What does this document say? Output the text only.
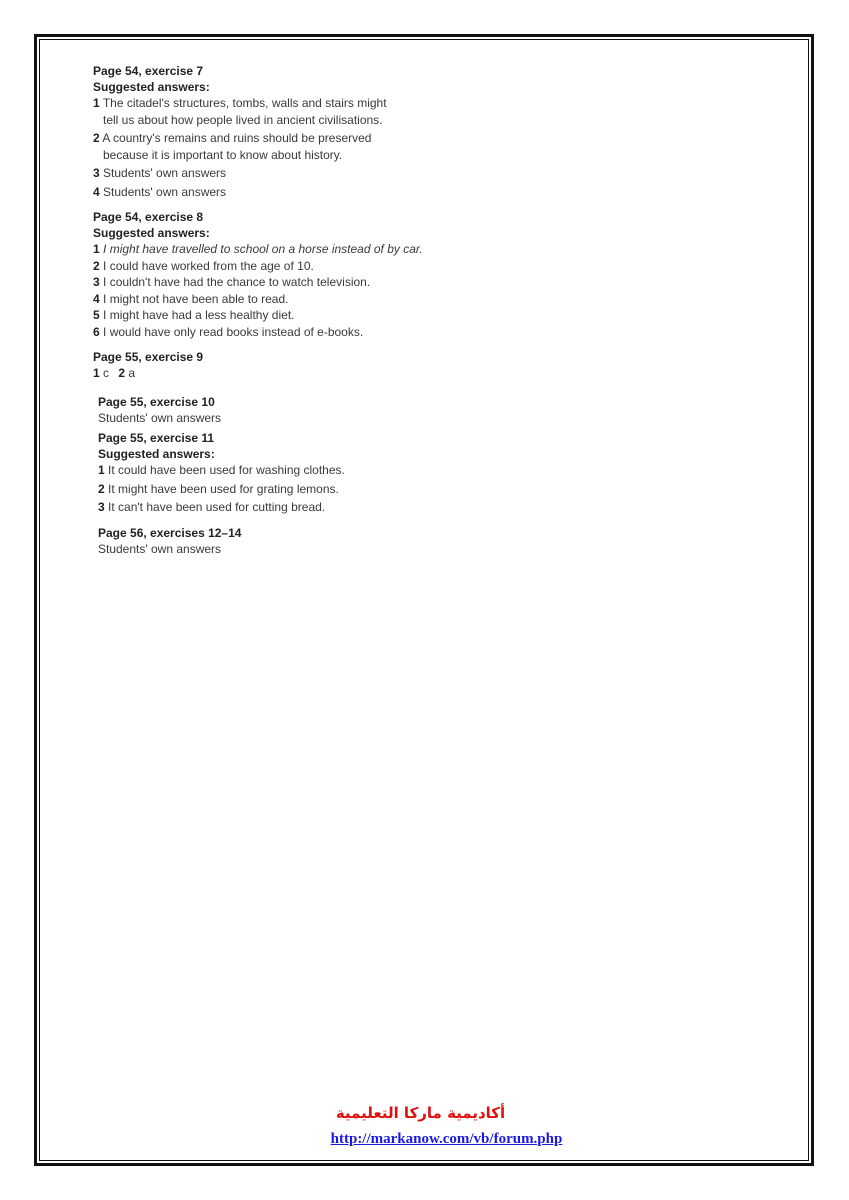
Page 54, exercise 7
Suggested answers:
1 The citadel's structures, tombs, walls and stairs might
tell us about how people lived in ancient civilisations.
2 A country's remains and ruins should be preserved
because it is important to know about history.
3 Students' own answers
4 Students' own answers
Page 54, exercise 8
Suggested answers:
1 I might have travelled to school on a horse instead of by car.
2 I could have worked from the age of 10.
3 I couldn't have had the chance to watch television.
4 I might not have been able to read.
5 I might have had a less healthy diet.
6 I would have only read books instead of e-books.
Page 55, exercise 9
1 c 2 a
Page 55, exercise 10
Students' own answers
Page 55, exercise 11
Suggested answers:
1 It could have been used for washing clothes.
2 It might have been used for grating lemons.
3 It can't have been used for cutting bread.
Page 56, exercises 12–14
Students' own answers
أكاديمية ماركا التعليمية
http://markanow.com/vb/forum.php
